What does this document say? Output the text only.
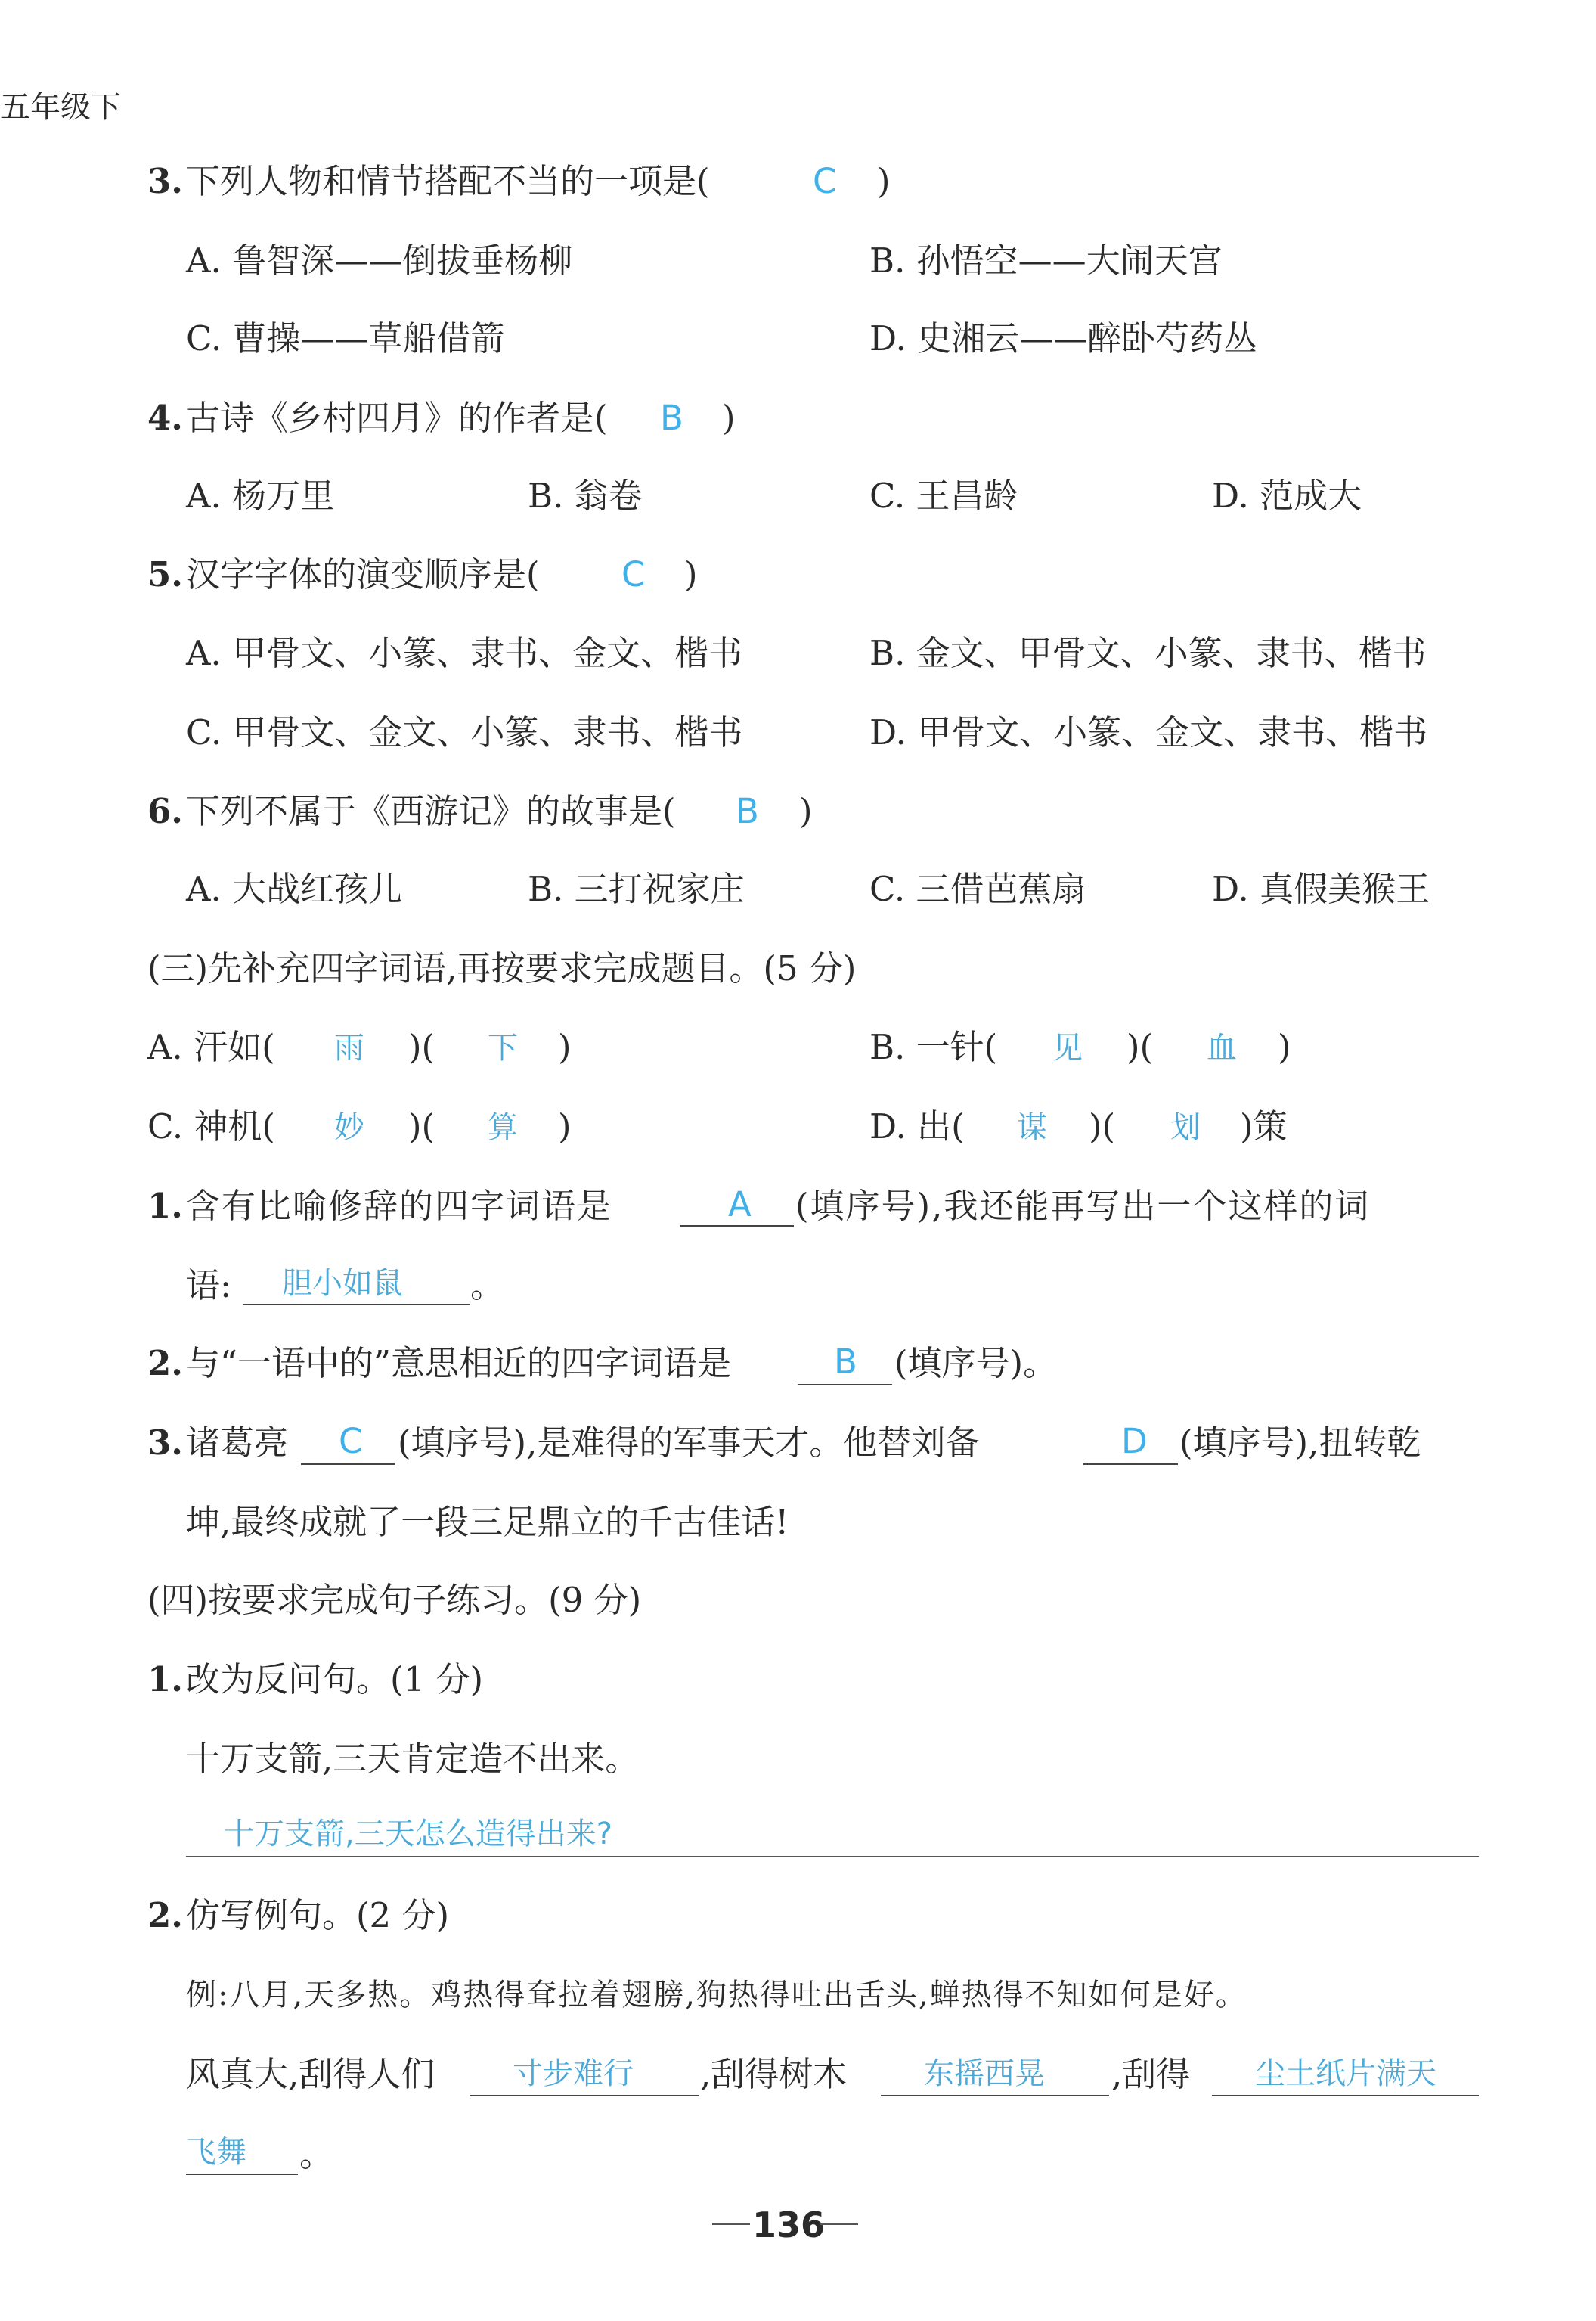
五年级下
3. 下列人物和情节搭配不当的一项是(	C )
A. 鲁智深——倒拔垂杨柳	B. 孙悟空——大闹天宫
C. 曹操——草船借箭	D. 史湘云——醉卧芍药丛
4. 古诗《乡村四月》的作者是( B )
A. 杨万里	B. 翁卷	C. 王昌龄	D. 范成大
5. 汉字字体的演变顺序是( C )
A. 甲骨文、小篆、隶书、金文、楷书	B. 金文、甲骨文、小篆、隶书、楷书
C. 甲骨文、金文、小篆、隶书、楷书	D. 甲骨文、小篆、金文、隶书、楷书
6. 下列不属于《西游记》的故事是( B )
A. 大战红孩儿	B. 三打祝家庄	C. 三借芭蕉扇	D. 真假美猴王
(三)先补充四字词语,再按要求完成题目。(5 分)
A. 汗如( 雨 )( 下 )	B. 一针( 见 )( 血 )
C. 神机( 妙 )( 算 )	D. 出( 谋 )( 划 )策
1. 含有比喻修辞的四字词语是	A (填序号),我还能再写出一个这样的词
语: 胆小如鼠 。
2. 与“一语中的”意思相近的四字词语是	B (填序号)。
3. 诸葛亮 C (填序号),是难得的军事天才。他替刘备	D (填序号),扭转乾
坤,最终成就了一段三足鼎立的千古佳话!
(四)按要求完成句子练习。(9 分)
1. 改为反问句。(1 分)
十万支箭,三天肯定造不出来。
十万支箭,三天怎么造得出来?
2. 仿写例句。(2 分)
例:八月,天多热。鸡热得耷拉着翅膀,狗热得吐出舌头,蝉热得不知如何是好。
风真大,刮得人们	寸步难行 ,刮得树木	东摇西晃 ,刮得 尘土纸片满天
飞舞 。
136
